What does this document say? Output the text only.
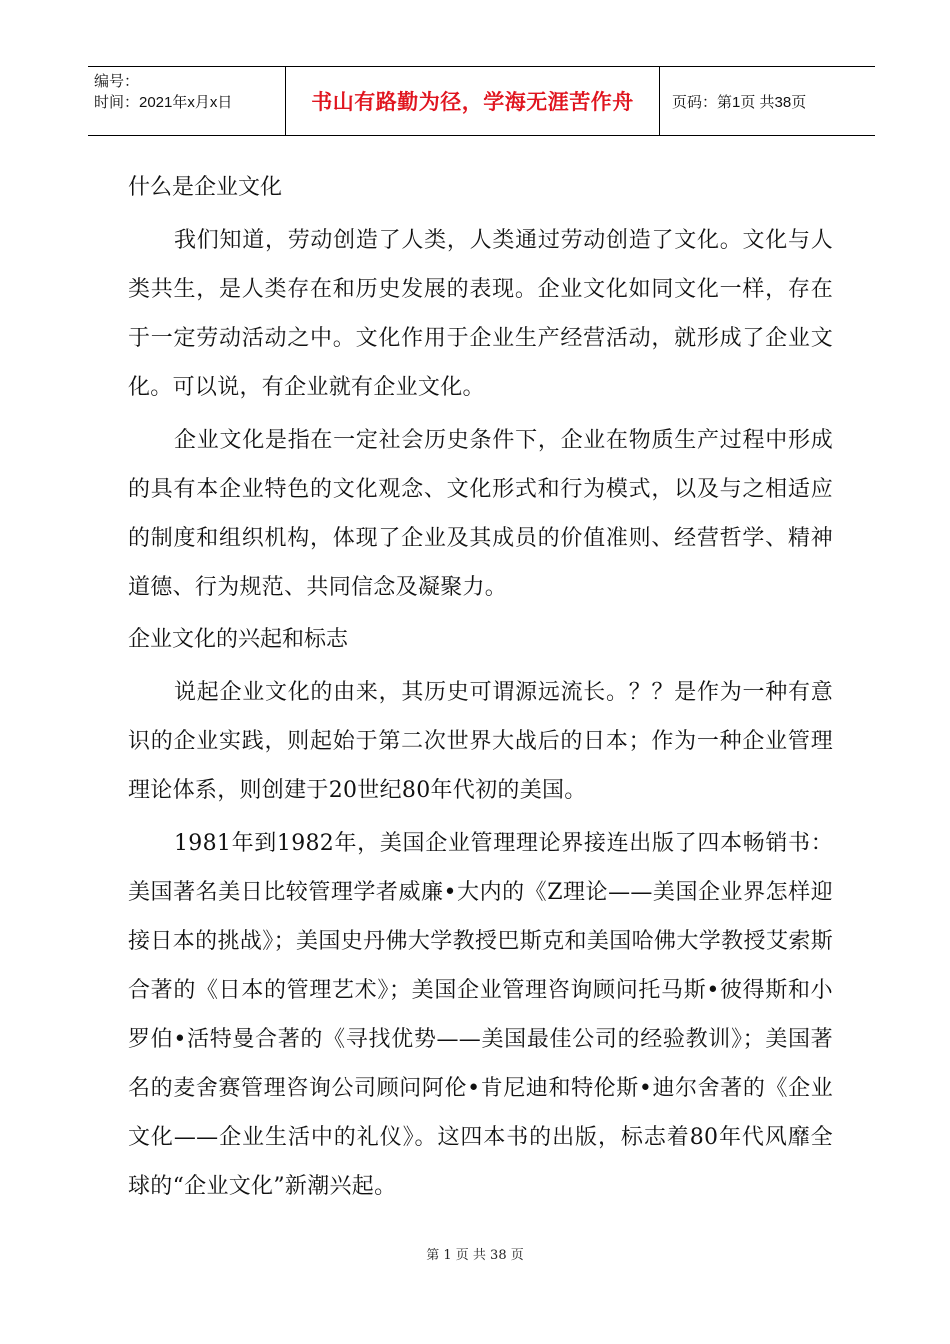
编号：
时间：2021年x月x日	书山有路勤为径，学海无涯苦作舟	页码：第1页 共38页
什么是企业文化

我们知道，劳动创造了人类，人类通过劳动创造了文化。文化与人类共生，是人类存在和历史发展的表现。企业文化如同文化一样，存在于一定劳动活动之中。文化作用于企业生产经营活动，就形成了企业文化。可以说，有企业就有企业文化。

企业文化是指在一定社会历史条件下，企业在物质生产过程中形成的具有本企业特色的文化观念、文化形式和行为模式，以及与之相适应的制度和组织机构，体现了企业及其成员的价值准则、经营哲学、精神道德、行为规范、共同信念及凝聚力。

企业文化的兴起和标志

说起企业文化的由来，其历史可谓源远流长。？？是作为一种有意识的企业实践，则起始于第二次世界大战后的日本；作为一种企业管理理论体系，则创建于20世纪80年代初的美国。

1981年到1982年，美国企业管理理论界接连出版了四本畅销书：美国著名美日比较管理学者威廉•大内的《Z理论——美国企业界怎样迎接日本的挑战》；美国史丹佛大学教授巴斯克和美国哈佛大学教授艾索斯合著的《日本的管理艺术》；美国企业管理咨询顾问托马斯•彼得斯和小罗伯•活特曼合著的《寻找优势——美国最佳公司的经验教训》；美国著名的麦舍赛管理咨询公司顾问阿伦•肯尼迪和特伦斯•迪尔舍著的《企业文化——企业生活中的礼仪》。这四本书的出版，标志着80年代风靡全球的“企业文化”新潮兴起。

第 1 页 共 38 页
